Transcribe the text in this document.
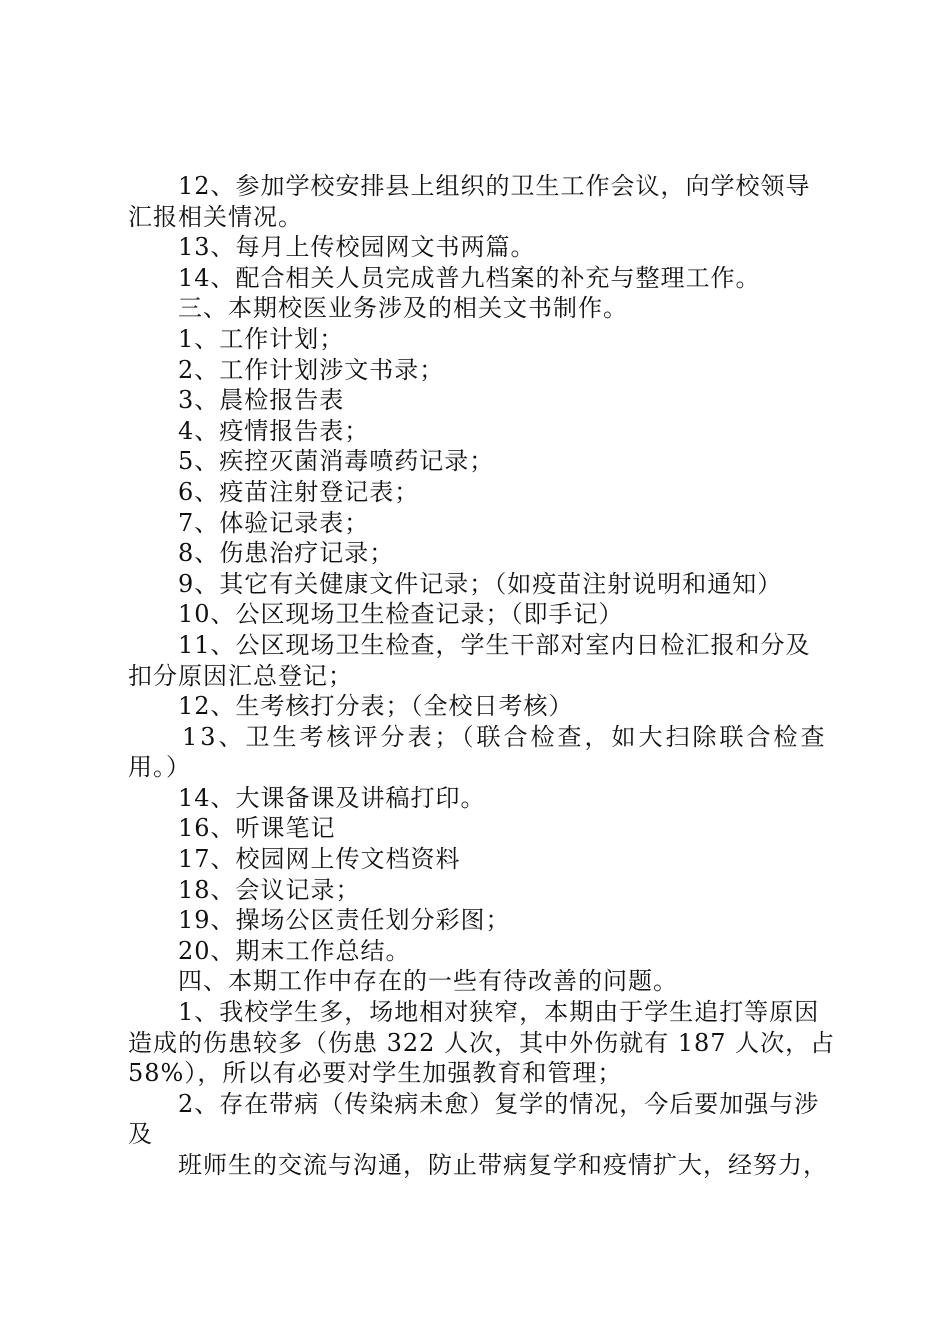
12、参加学校安排县上组织的卫生工作会议，向学校领导
汇报相关情况。
13、每月上传校园网文书两篇。
14、配合相关人员完成普九档案的补充与整理工作。
三、本期校医业务涉及的相关文书制作。
1、工作计划；
2、工作计划涉文书录；
3、晨检报告表
4、疫情报告表；
5、疾控灭菌消毒喷药记录；
6、疫苗注射登记表；
7、体验记录表；
8、伤患治疗记录；
9、其它有关健康文件记录；（如疫苗注射说明和通知）
10、公区现场卫生检查记录；（即手记）
11、公区现场卫生检查，学生干部对室内日检汇报和分及
扣分原因汇总登记；
12、生考核打分表；（全校日考核）
13、卫生考核评分表；（联合检查，如大扫除联合检查
用。）
14、大课备课及讲稿打印。
16、听课笔记
17、校园网上传文档资料
18、会议记录；
19、操场公区责任划分彩图；
20、期末工作总结。
四、本期工作中存在的一些有待改善的问题。
1、我校学生多，场地相对狭窄，本期由于学生追打等原因
造成的伤患较多（伤患 322 人次，其中外伤就有 187 人次，占
58%），所以有必要对学生加强教育和管理；
2、存在带病（传染病未愈）复学的情况，今后要加强与涉
及
班师生的交流与沟通，防止带病复学和疫情扩大，经努力，
